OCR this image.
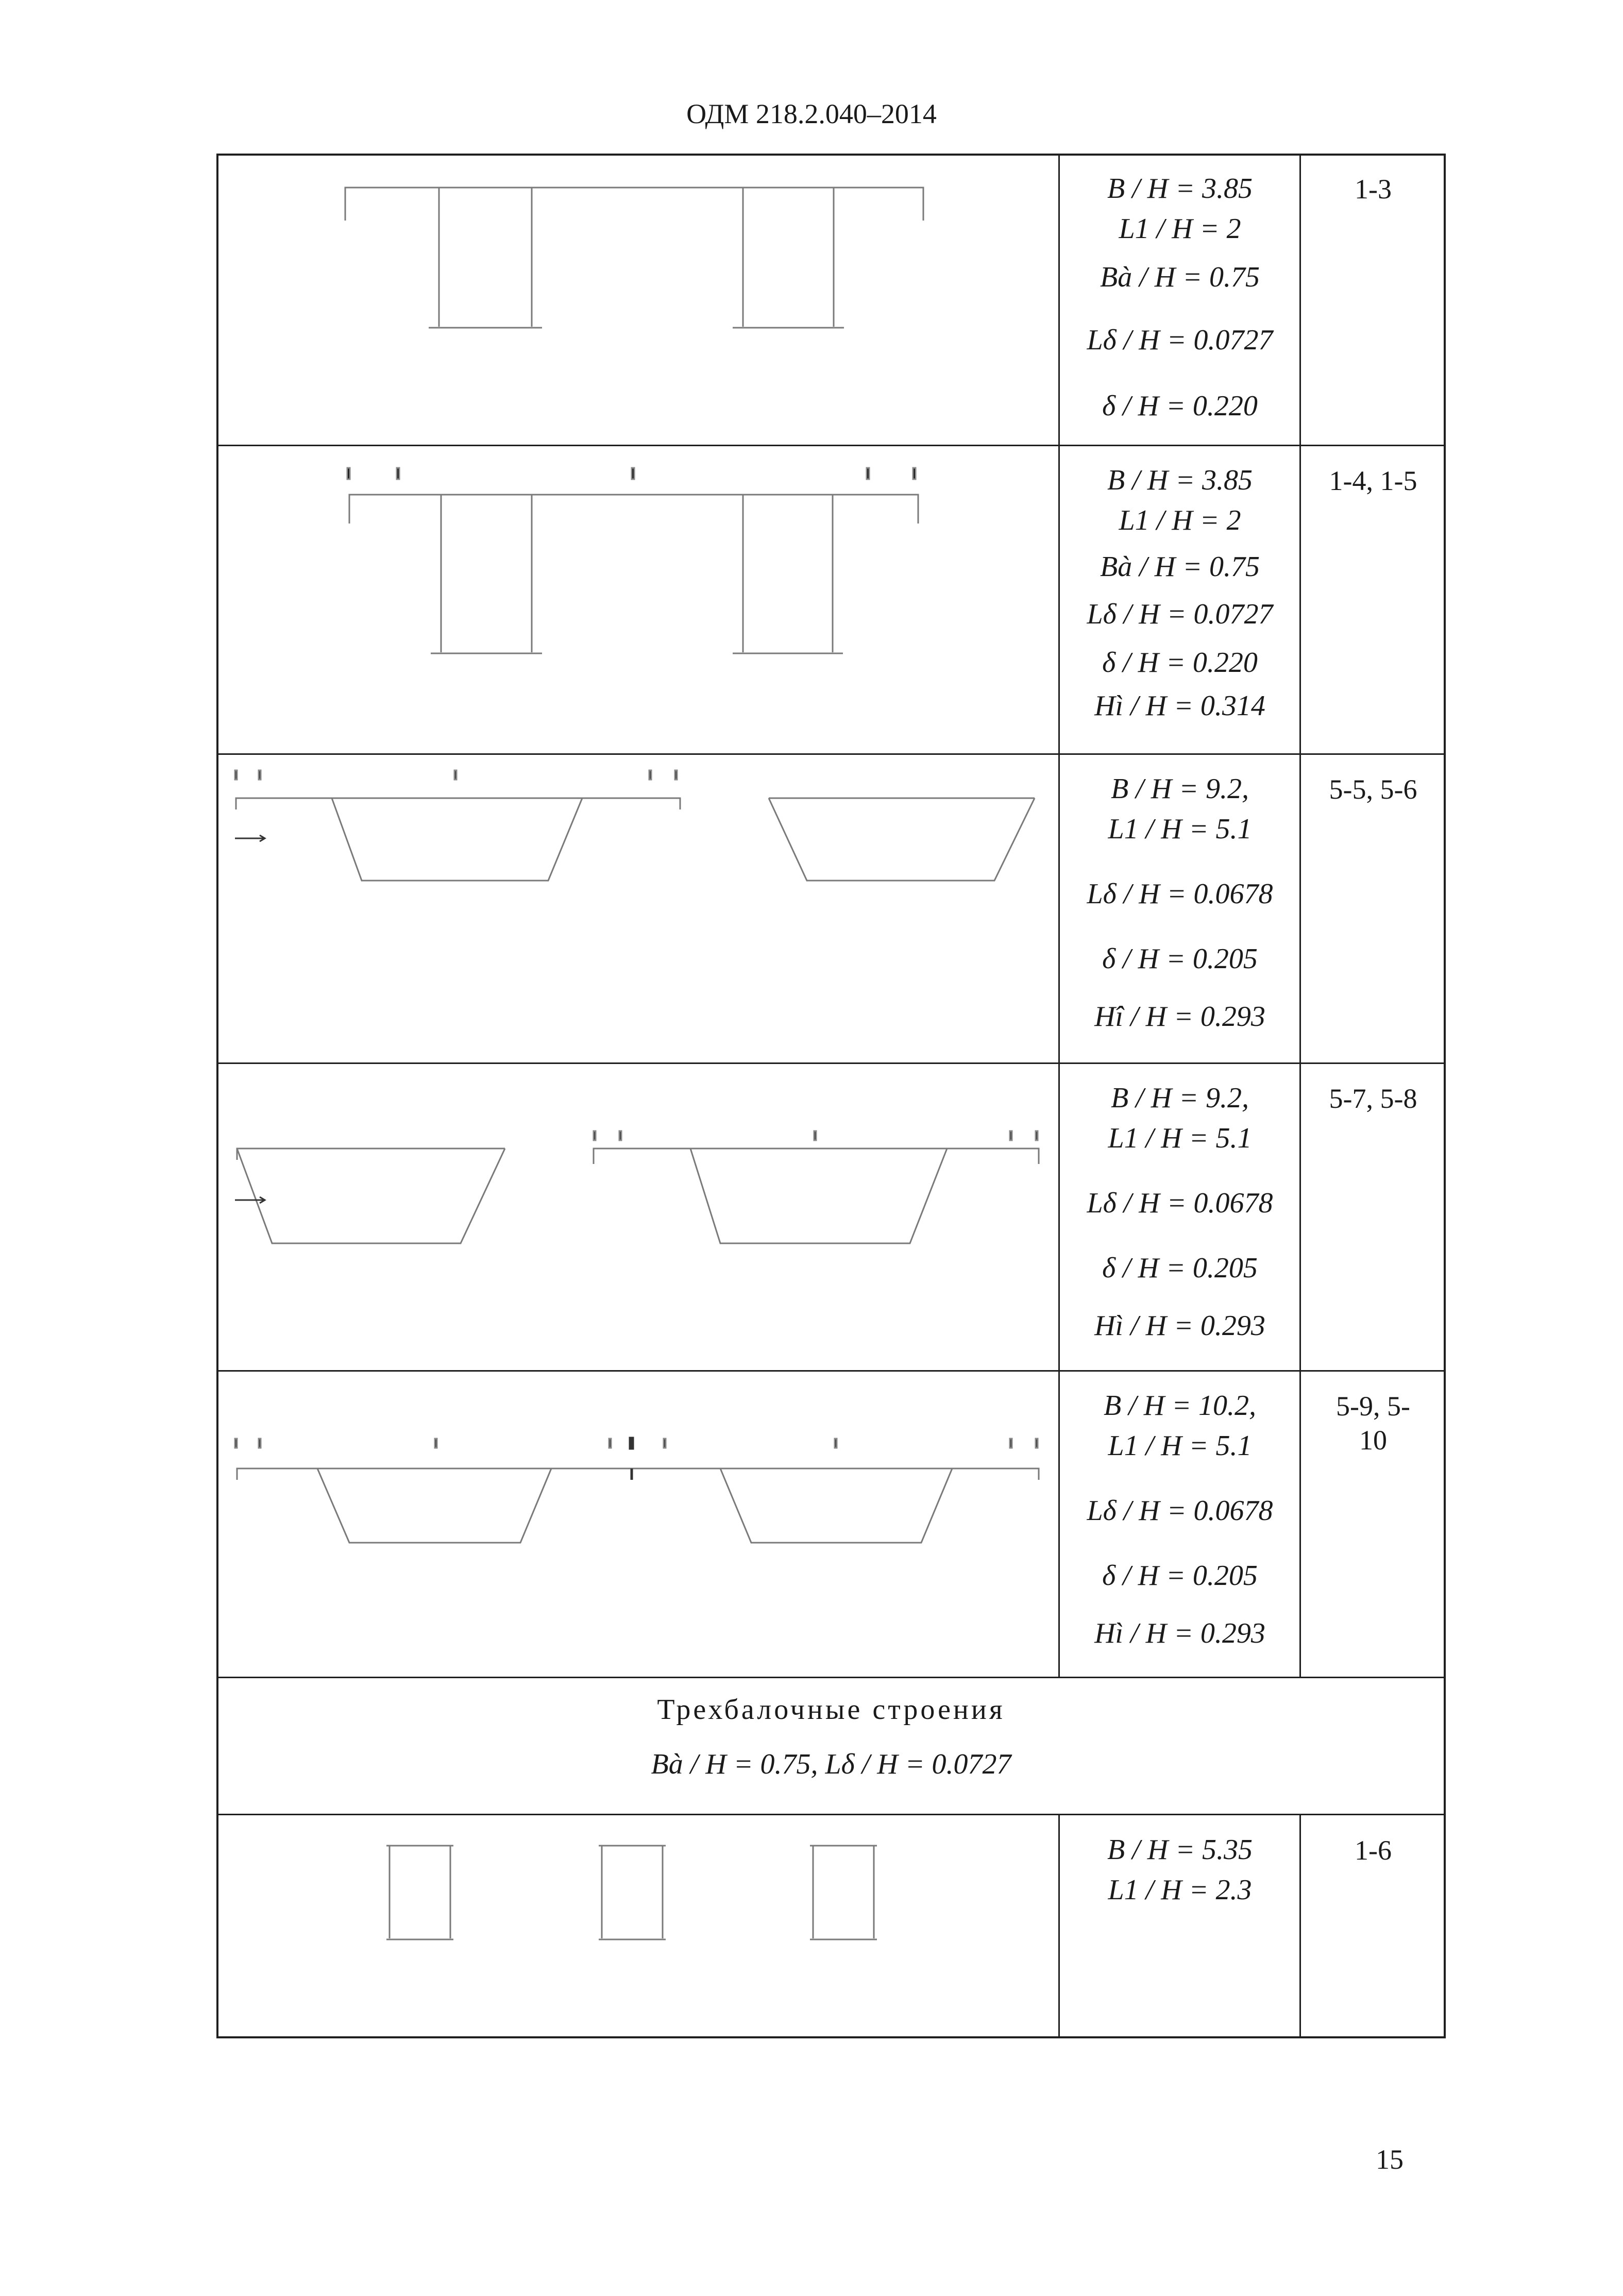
ОДМ 218.2.040–2014
B / H = 3.85
L1 / H = 2
Bà / H = 0.75
Lδ / H = 0.0727
δ / H = 0.220
1-3
B / H = 3.85
L1 / H = 2
Bà / H = 0.75
Lδ / H = 0.0727
δ / H = 0.220
Hì / H = 0.314
1-4, 1-5
B / H = 9.2,
L1 / H = 5.1
Lδ / H = 0.0678
δ / H = 0.205
Hî / H = 0.293
5-5, 5-6
B / H = 9.2,
L1 / H = 5.1
Lδ / H = 0.0678
δ / H = 0.205
Hì / H = 0.293
5-7, 5-8
B / H = 10.2,
L1 / H = 5.1
Lδ / H = 0.0678
δ / H = 0.205
Hì / H = 0.293
5-9, 5-
10
Трехбалочные строения
Bà / H = 0.75, Lδ / H = 0.0727
B / H = 5.35
L1 / H = 2.3
1-6
15
